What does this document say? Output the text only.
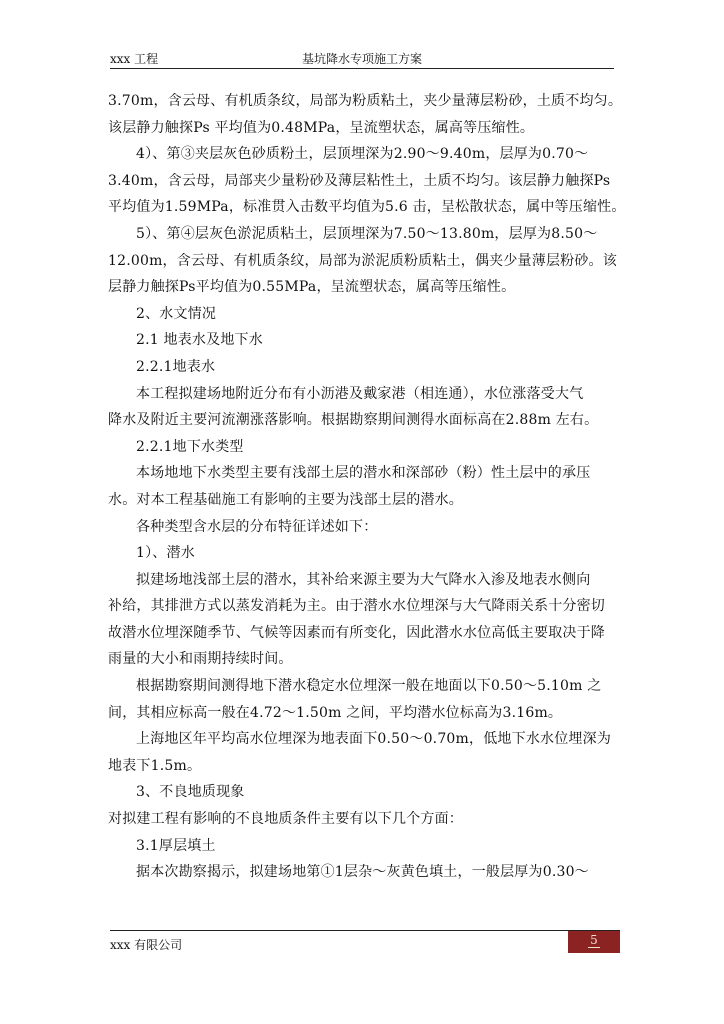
xxx 工程	基坑降水专项施工方案
3.70m，含云母、有机质条纹，局部为粉质粘土，夹少量薄层粉砂，土质不均匀。
该层静力触探Ps 平均值为0.48MPa，呈流塑状态，属高等压缩性。
4）、第③夹层灰色砂质粉土，层顶埋深为2.90～9.40m，层厚为0.70～
3.40m，含云母，局部夹少量粉砂及薄层粘性土，土质不均匀。该层静力触探Ps
平均值为1.59MPa，标准贯入击数平均值为5.6 击，呈松散状态，属中等压缩性。
5）、第④层灰色淤泥质粘土，层顶埋深为7.50～13.80m，层厚为8.50～
12.00m，含云母、有机质条纹，局部为淤泥质粉质粘土，偶夹少量薄层粉砂。该
层静力触探Ps平均值为0.55MPa，呈流塑状态，属高等压缩性。
2、水文情况
2.1 地表水及地下水
2.2.1地表水
本工程拟建场地附近分布有小沥港及戴家港（相连通），水位涨落受大气
降水及附近主要河流潮涨落影响。根据勘察期间测得水面标高在2.88m 左右。
2.2.1地下水类型
本场地地下水类型主要有浅部土层的潜水和深部砂（粉）性土层中的承压
水。对本工程基础施工有影响的主要为浅部土层的潜水。
各种类型含水层的分布特征详述如下：
1）、潜水
拟建场地浅部土层的潜水，其补给来源主要为大气降水入渗及地表水侧向
补给，其排泄方式以蒸发消耗为主。由于潜水水位埋深与大气降雨关系十分密切
故潜水位埋深随季节、气候等因素而有所变化，因此潜水水位高低主要取决于降
雨量的大小和雨期持续时间。
根据勘察期间测得地下潜水稳定水位埋深一般在地面以下0.50～5.10m 之
间，其相应标高一般在4.72～1.50m 之间，平均潜水位标高为3.16m。
上海地区年平均高水位埋深为地表面下0.50～0.70m，低地下水水位埋深为
地表下1.5m。
3、不良地质现象
对拟建工程有影响的不良地质条件主要有以下几个方面：
3.1厚层填土
据本次勘察揭示，拟建场地第①1层杂～灰黄色填土，一般层厚为0.30～
xxx 有限公司	5
